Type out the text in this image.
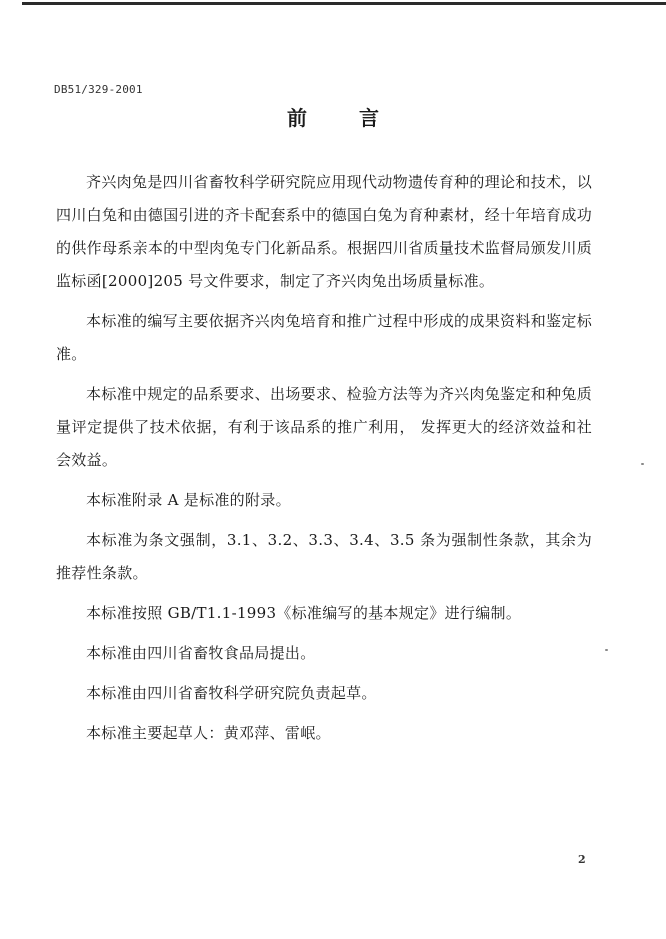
DB51/329-2001
前	言

齐兴肉兔是四川省畜牧科学研究院应用现代动物遗传育种的理论和技术，以四川白兔和由德国引进的齐卡配套系中的德国白兔为育种素材，经十年培育成功的供作母系亲本的中型肉兔专门化新品系。根据四川省质量技术监督局颁发川质监标函[2000]205 号文件要求，制定了齐兴肉兔出场质量标准。

本标准的编写主要依据齐兴肉兔培育和推广过程中形成的成果资料和鉴定标准。

本标准中规定的品系要求、出场要求、检验方法等为齐兴肉兔鉴定和种兔质量评定提供了技术依据，有利于该品系的推广利用， 发挥更大的经济效益和社会效益。

本标准附录 A 是标准的附录。

本标准为条文强制，3.1、3.2、3.3、3.4、3.5 条为强制性条款，其余为推荐性条款。

本标准按照 GB/T1.1-1993《标准编写的基本规定》进行编制。

本标准由四川省畜牧食品局提出。

本标准由四川省畜牧科学研究院负责起草。

本标准主要起草人：黄邓萍、雷岷。

2
